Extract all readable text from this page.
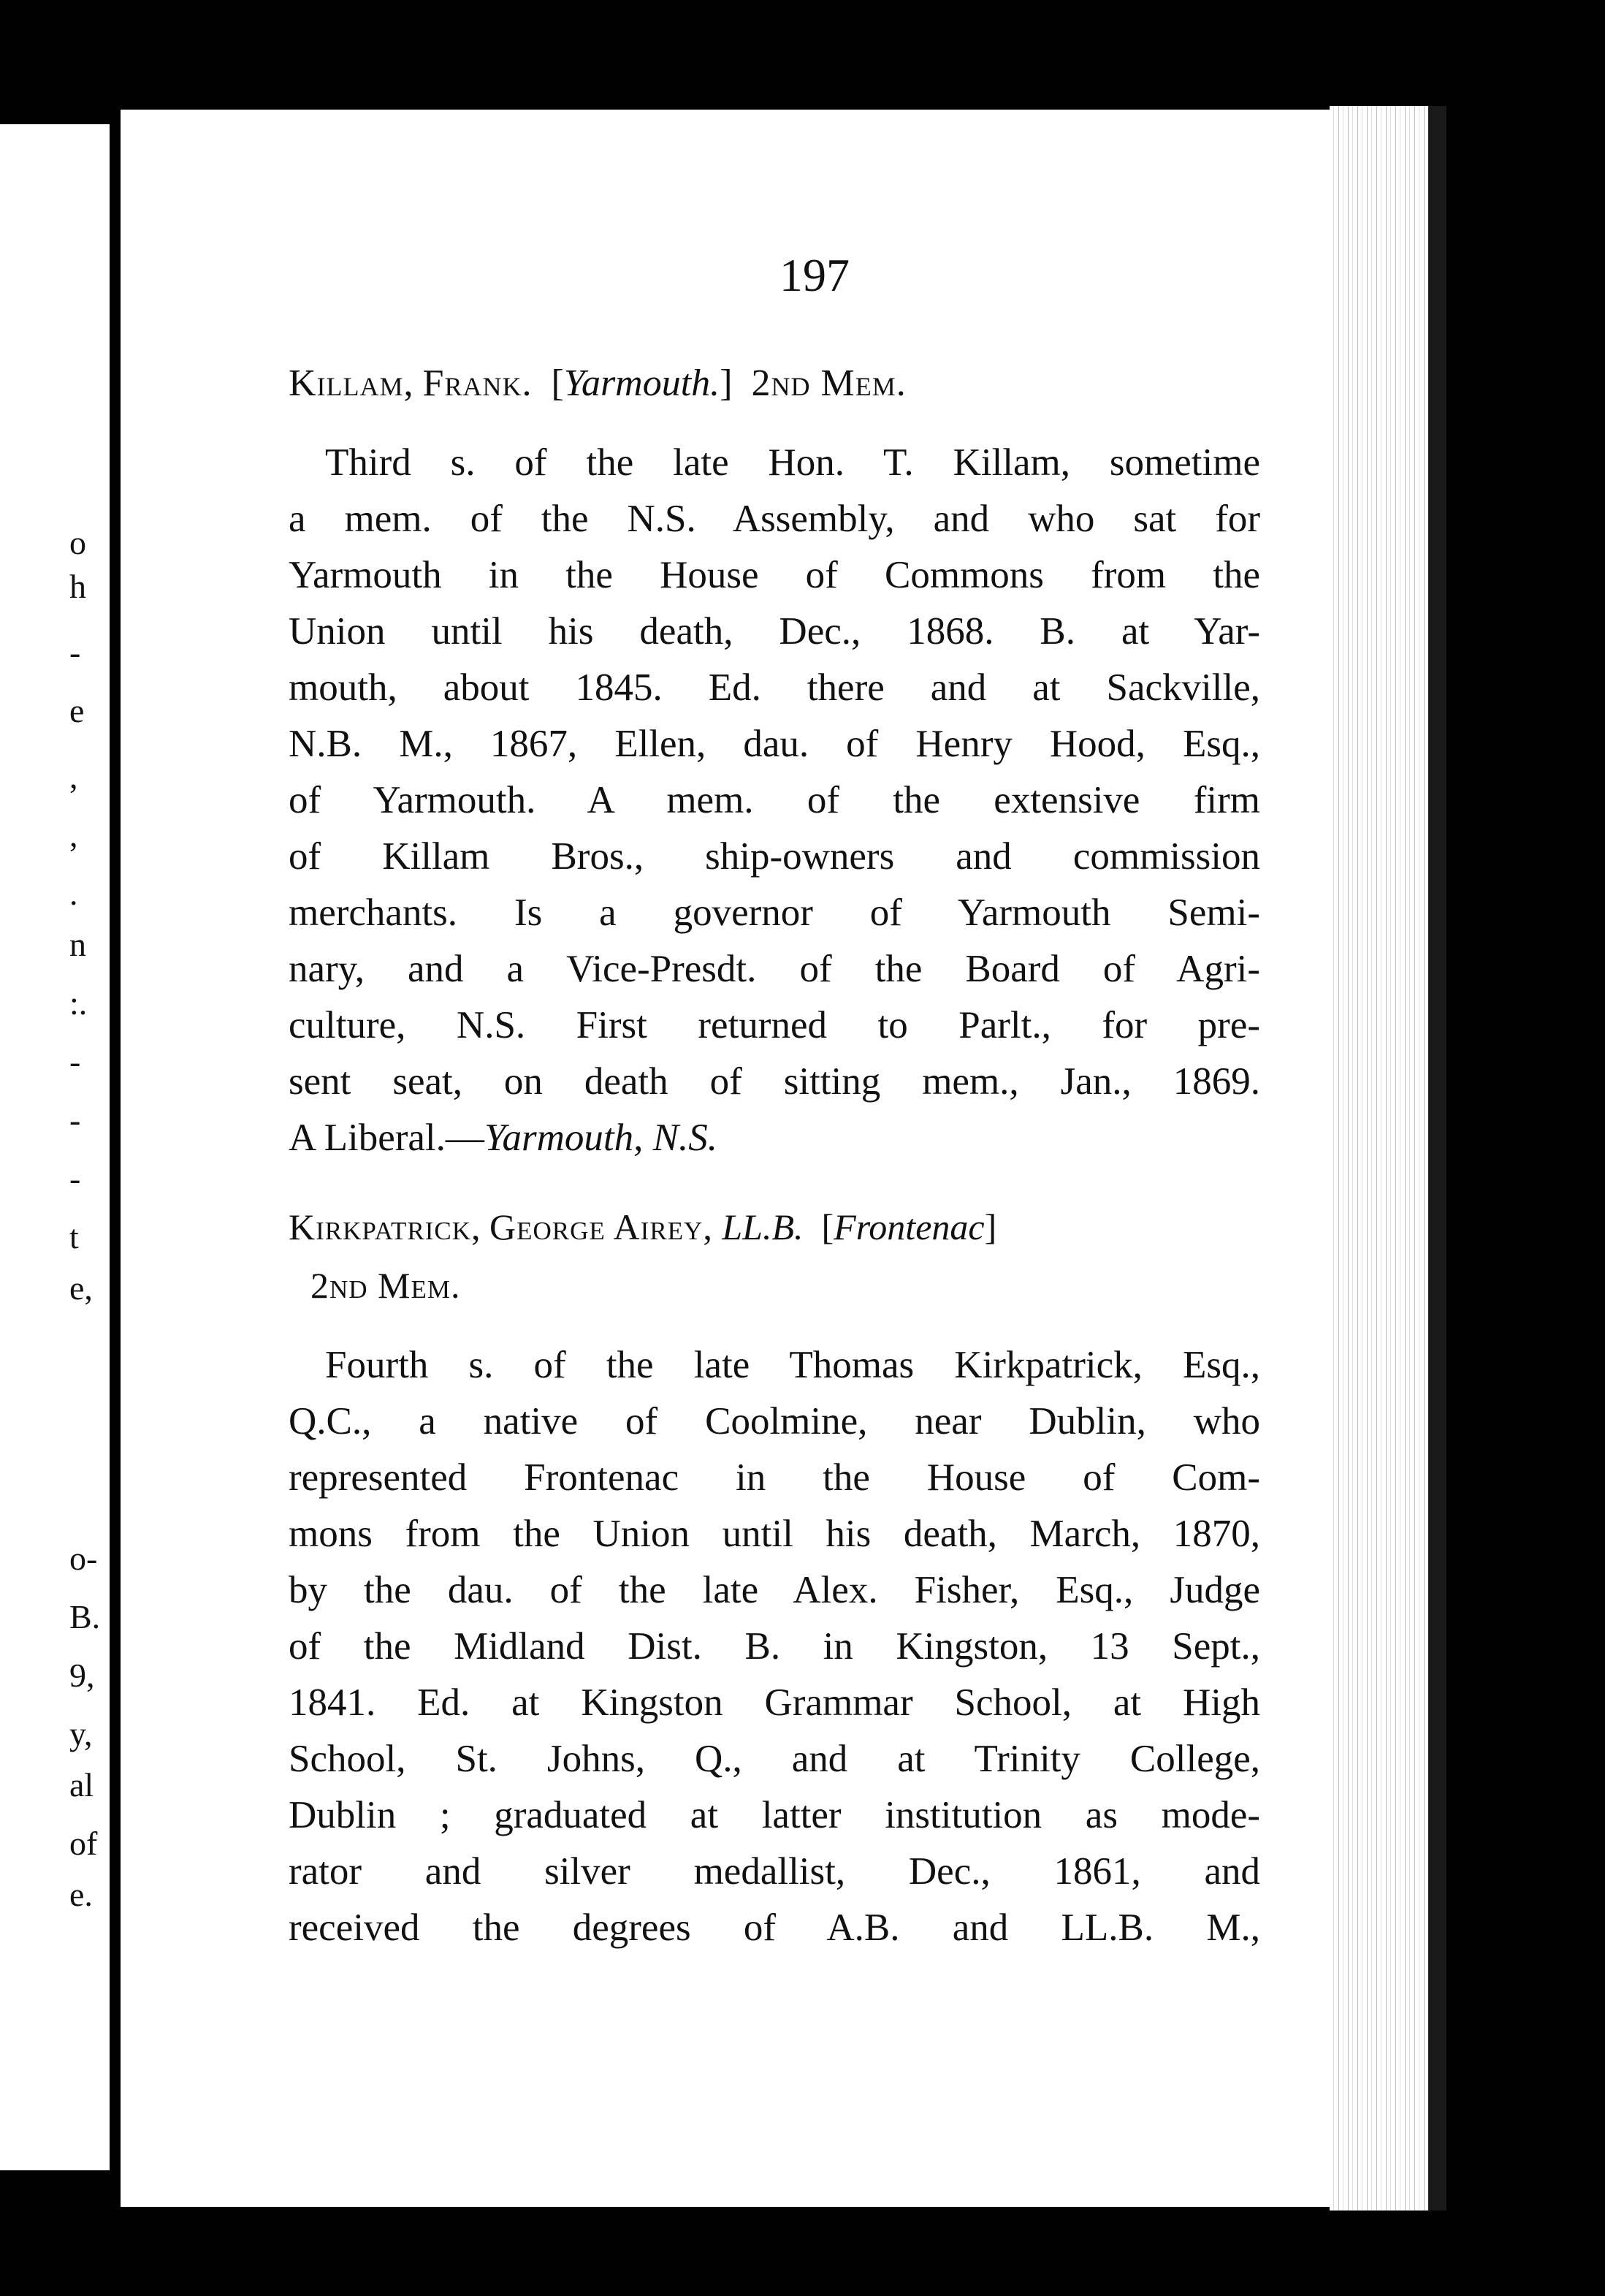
197

Killam, Frank.  [Yarmouth.]  2nd Mem.

Third s. of the late Hon. T. Killam, sometime
a mem. of the N.S. Assembly, and who sat for
Yarmouth in the House of Commons from the
Union until his death, Dec., 1868. B. at Yar-
mouth, about 1845. Ed. there and at Sackville,
N.B. M., 1867, Ellen, dau. of Henry Hood, Esq.,
of Yarmouth. A mem. of the extensive firm
of Killam Bros., ship-owners and commission
merchants. Is a governor of Yarmouth Semi-
nary, and a Vice-Presdt. of the Board of Agri-
culture, N.S. First returned to Parlt., for pre-
sent seat, on death of sitting mem., Jan., 1869.
A Liberal.—Yarmouth, N.S.

Kirkpatrick, George Airey, LL.B.  [Frontenac]

2nd Mem.

Fourth s. of the late Thomas Kirkpatrick, Esq.,
Q.C., a native of Coolmine, near Dublin, who
represented Frontenac in the House of Com-
mons from the Union until his death, March, 1870,
by the dau. of the late Alex. Fisher, Esq., Judge
of the Midland Dist. B. in Kingston, 13 Sept.,
1841. Ed. at Kingston Grammar School, at High
School, St. Johns, Q., and at Trinity College,
Dublin ; graduated at latter institution as mode-
rator and silver medallist, Dec., 1861, and
received the degrees of A.B. and LL.B. M.,
o
h
-
e
,
,
.
n
:.
-
-
-
t
e,
o-
B.
9,
y,
al
of
e.
